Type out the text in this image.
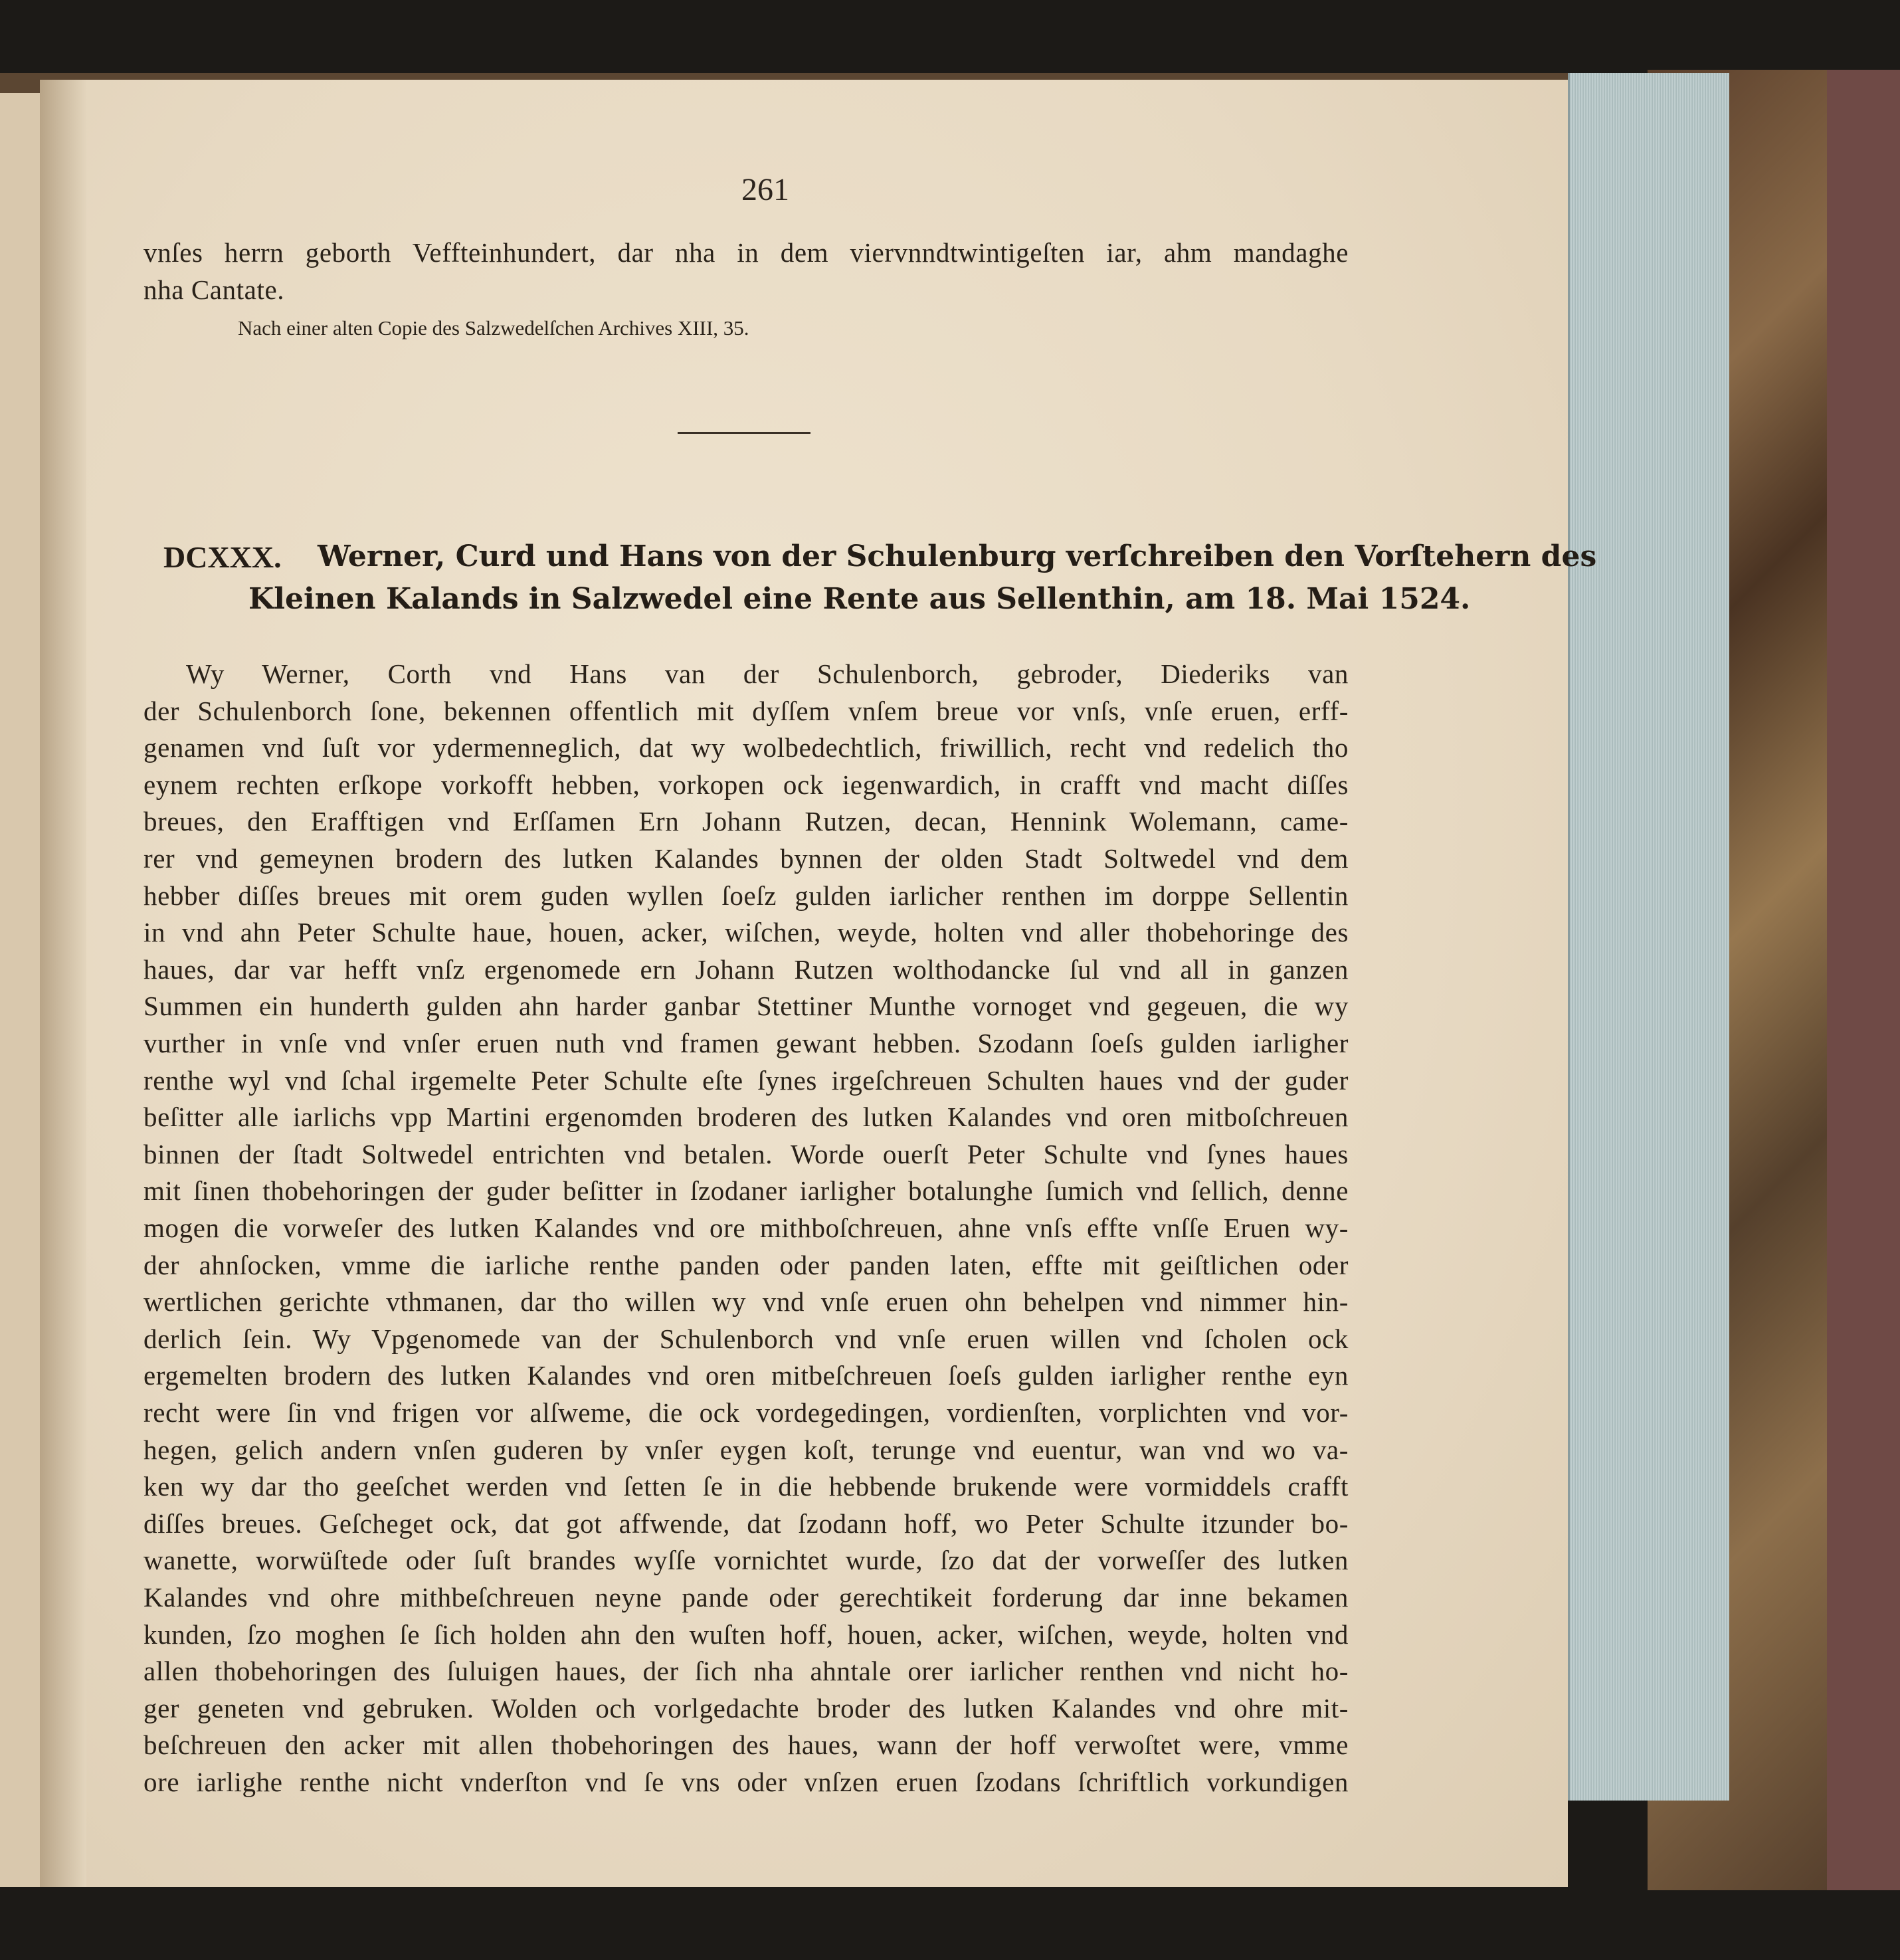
261
vnſes herrn geborth Veffteinhundert, dar nha in dem viervnndtwintigeſten iar, ahm mandaghe
nha Cantate.
Nach einer alten Copie des Salzwedelſchen Archives XIII, 35.
DCXXX. Werner, Curd und Hans von der Schulenburg verſchreiben den Vorſtehern des
Kleinen Kalands in Salzwedel eine Rente aus Sellenthin, am 18. Mai 1524.
Wy Werner, Corth vnd Hans van der Schulenborch, gebroder, Diederiks van
der Schulenborch ſone, bekennen offentlich mit dyſſem vnſem breue vor vnſs, vnſe eruen, erff-
genamen vnd ſuſt vor ydermenneglich, dat wy wolbedechtlich, friwillich, recht vnd redelich tho
eynem rechten erſkope vorkofft hebben, vorkopen ock iegenwardich, in crafft vnd macht diſſes
breues, den Erafftigen vnd Erſſamen Ern Johann Rutzen, decan, Hennink Wolemann, came-
rer vnd gemeynen brodern des lutken Kalandes bynnen der olden Stadt Soltwedel vnd dem
hebber diſſes breues mit orem guden wyllen ſoeſz gulden iarlicher renthen im dorppe Sellentin
in vnd ahn Peter Schulte haue, houen, acker, wiſchen, weyde, holten vnd aller thobehoringe des
haues, dar var hefft vnſz ergenomede ern Johann Rutzen wolthodancke ſul vnd all in ganzen
Summen ein hunderth gulden ahn harder ganbar Stettiner Munthe vornoget vnd gegeuen, die wy
vurther in vnſe vnd vnſer eruen nuth vnd framen gewant hebben. Szodann ſoeſs gulden iarligher
renthe wyl vnd ſchal irgemelte Peter Schulte eſte ſynes irgeſchreuen Schulten haues vnd der guder
beſitter alle iarlichs vpp Martini ergenomden broderen des lutken Kalandes vnd oren mitboſchreuen
binnen der ſtadt Soltwedel entrichten vnd betalen. Worde ouerſt Peter Schulte vnd ſynes haues
mit ſinen thobehoringen der guder beſitter in ſzodaner iarligher botalunghe ſumich vnd ſellich, denne
mogen die vorweſer des lutken Kalandes vnd ore mithboſchreuen, ahne vnſs effte vnſſe Eruen wy-
der ahnſocken, vmme die iarliche renthe panden oder panden laten, effte mit geiſtlichen oder
wertlichen gerichte vthmanen, dar tho willen wy vnd vnſe eruen ohn behelpen vnd nimmer hin-
derlich ſein. Wy Vpgenomede van der Schulenborch vnd vnſe eruen willen vnd ſcholen ock
ergemelten brodern des lutken Kalandes vnd oren mitbeſchreuen ſoeſs gulden iarligher renthe eyn
recht were ſin vnd frigen vor alſweme, die ock vordegedingen, vordienſten, vorplichten vnd vor-
hegen, gelich andern vnſen guderen by vnſer eygen koſt, terunge vnd euentur, wan vnd wo va-
ken wy dar tho geeſchet werden vnd ſetten ſe in die hebbende brukende were vormiddels crafft
diſſes breues. Geſcheget ock, dat got affwende, dat ſzodann hoff, wo Peter Schulte itzunder bo-
wanette, worwüſtede oder ſuſt brandes wyſſe vornichtet wurde, ſzo dat der vorweſſer des lutken
Kalandes vnd ohre mithbeſchreuen neyne pande oder gerechtikeit forderung dar inne bekamen
kunden, ſzo moghen ſe ſich holden ahn den wuſten hoff, houen, acker, wiſchen, weyde, holten vnd
allen thobehoringen des ſuluigen haues, der ſich nha ahntale orer iarlicher renthen vnd nicht ho-
ger geneten vnd gebruken. Wolden och vorlgedachte broder des lutken Kalandes vnd ohre mit-
beſchreuen den acker mit allen thobehoringen des haues, wann der hoff verwoſtet were, vmme
ore iarlighe renthe nicht vnderſton vnd ſe vns oder vnſzen eruen ſzodans ſchriftlich vorkundigen
